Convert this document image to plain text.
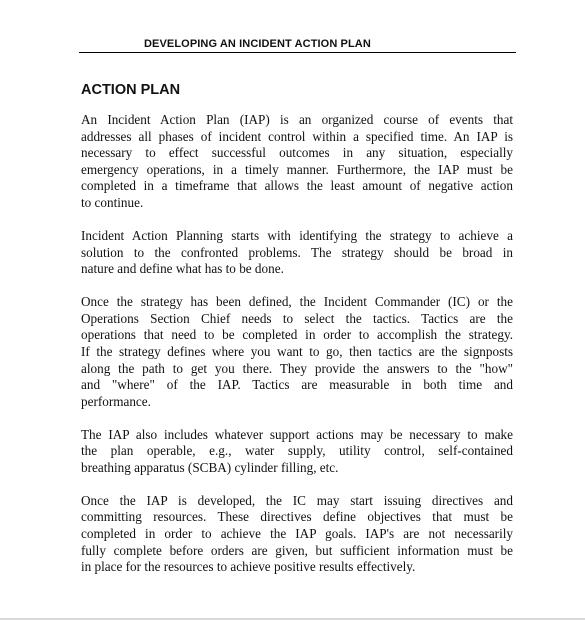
DEVELOPING AN INCIDENT ACTION PLAN
ACTION PLAN

An Incident Action Plan (IAP) is an organized course of events that
addresses all phases of incident control within a specified time. An IAP is
necessary to effect successful outcomes in any situation, especially
emergency operations, in a timely manner. Furthermore, the IAP must be
completed in a timeframe that allows the least amount of negative action
to continue.

Incident Action Planning starts with identifying the strategy to achieve a
solution to the confronted problems. The strategy should be broad in
nature and define what has to be done.

Once the strategy has been defined, the Incident Commander (IC) or the
Operations Section Chief needs to select the tactics. Tactics are the
operations that need to be completed in order to accomplish the strategy.
If the strategy defines where you want to go, then tactics are the signposts
along the path to get you there. They provide the answers to the "how"
and "where" of the IAP. Tactics are measurable in both time and
performance.

The IAP also includes whatever support actions may be necessary to make
the plan operable, e.g., water supply, utility control, self-contained
breathing apparatus (SCBA) cylinder filling, etc.

Once the IAP is developed, the IC may start issuing directives and
committing resources. These directives define objectives that must be
completed in order to achieve the IAP goals. IAP's are not necessarily
fully complete before orders are given, but sufficient information must be
in place for the resources to achieve positive results effectively.
